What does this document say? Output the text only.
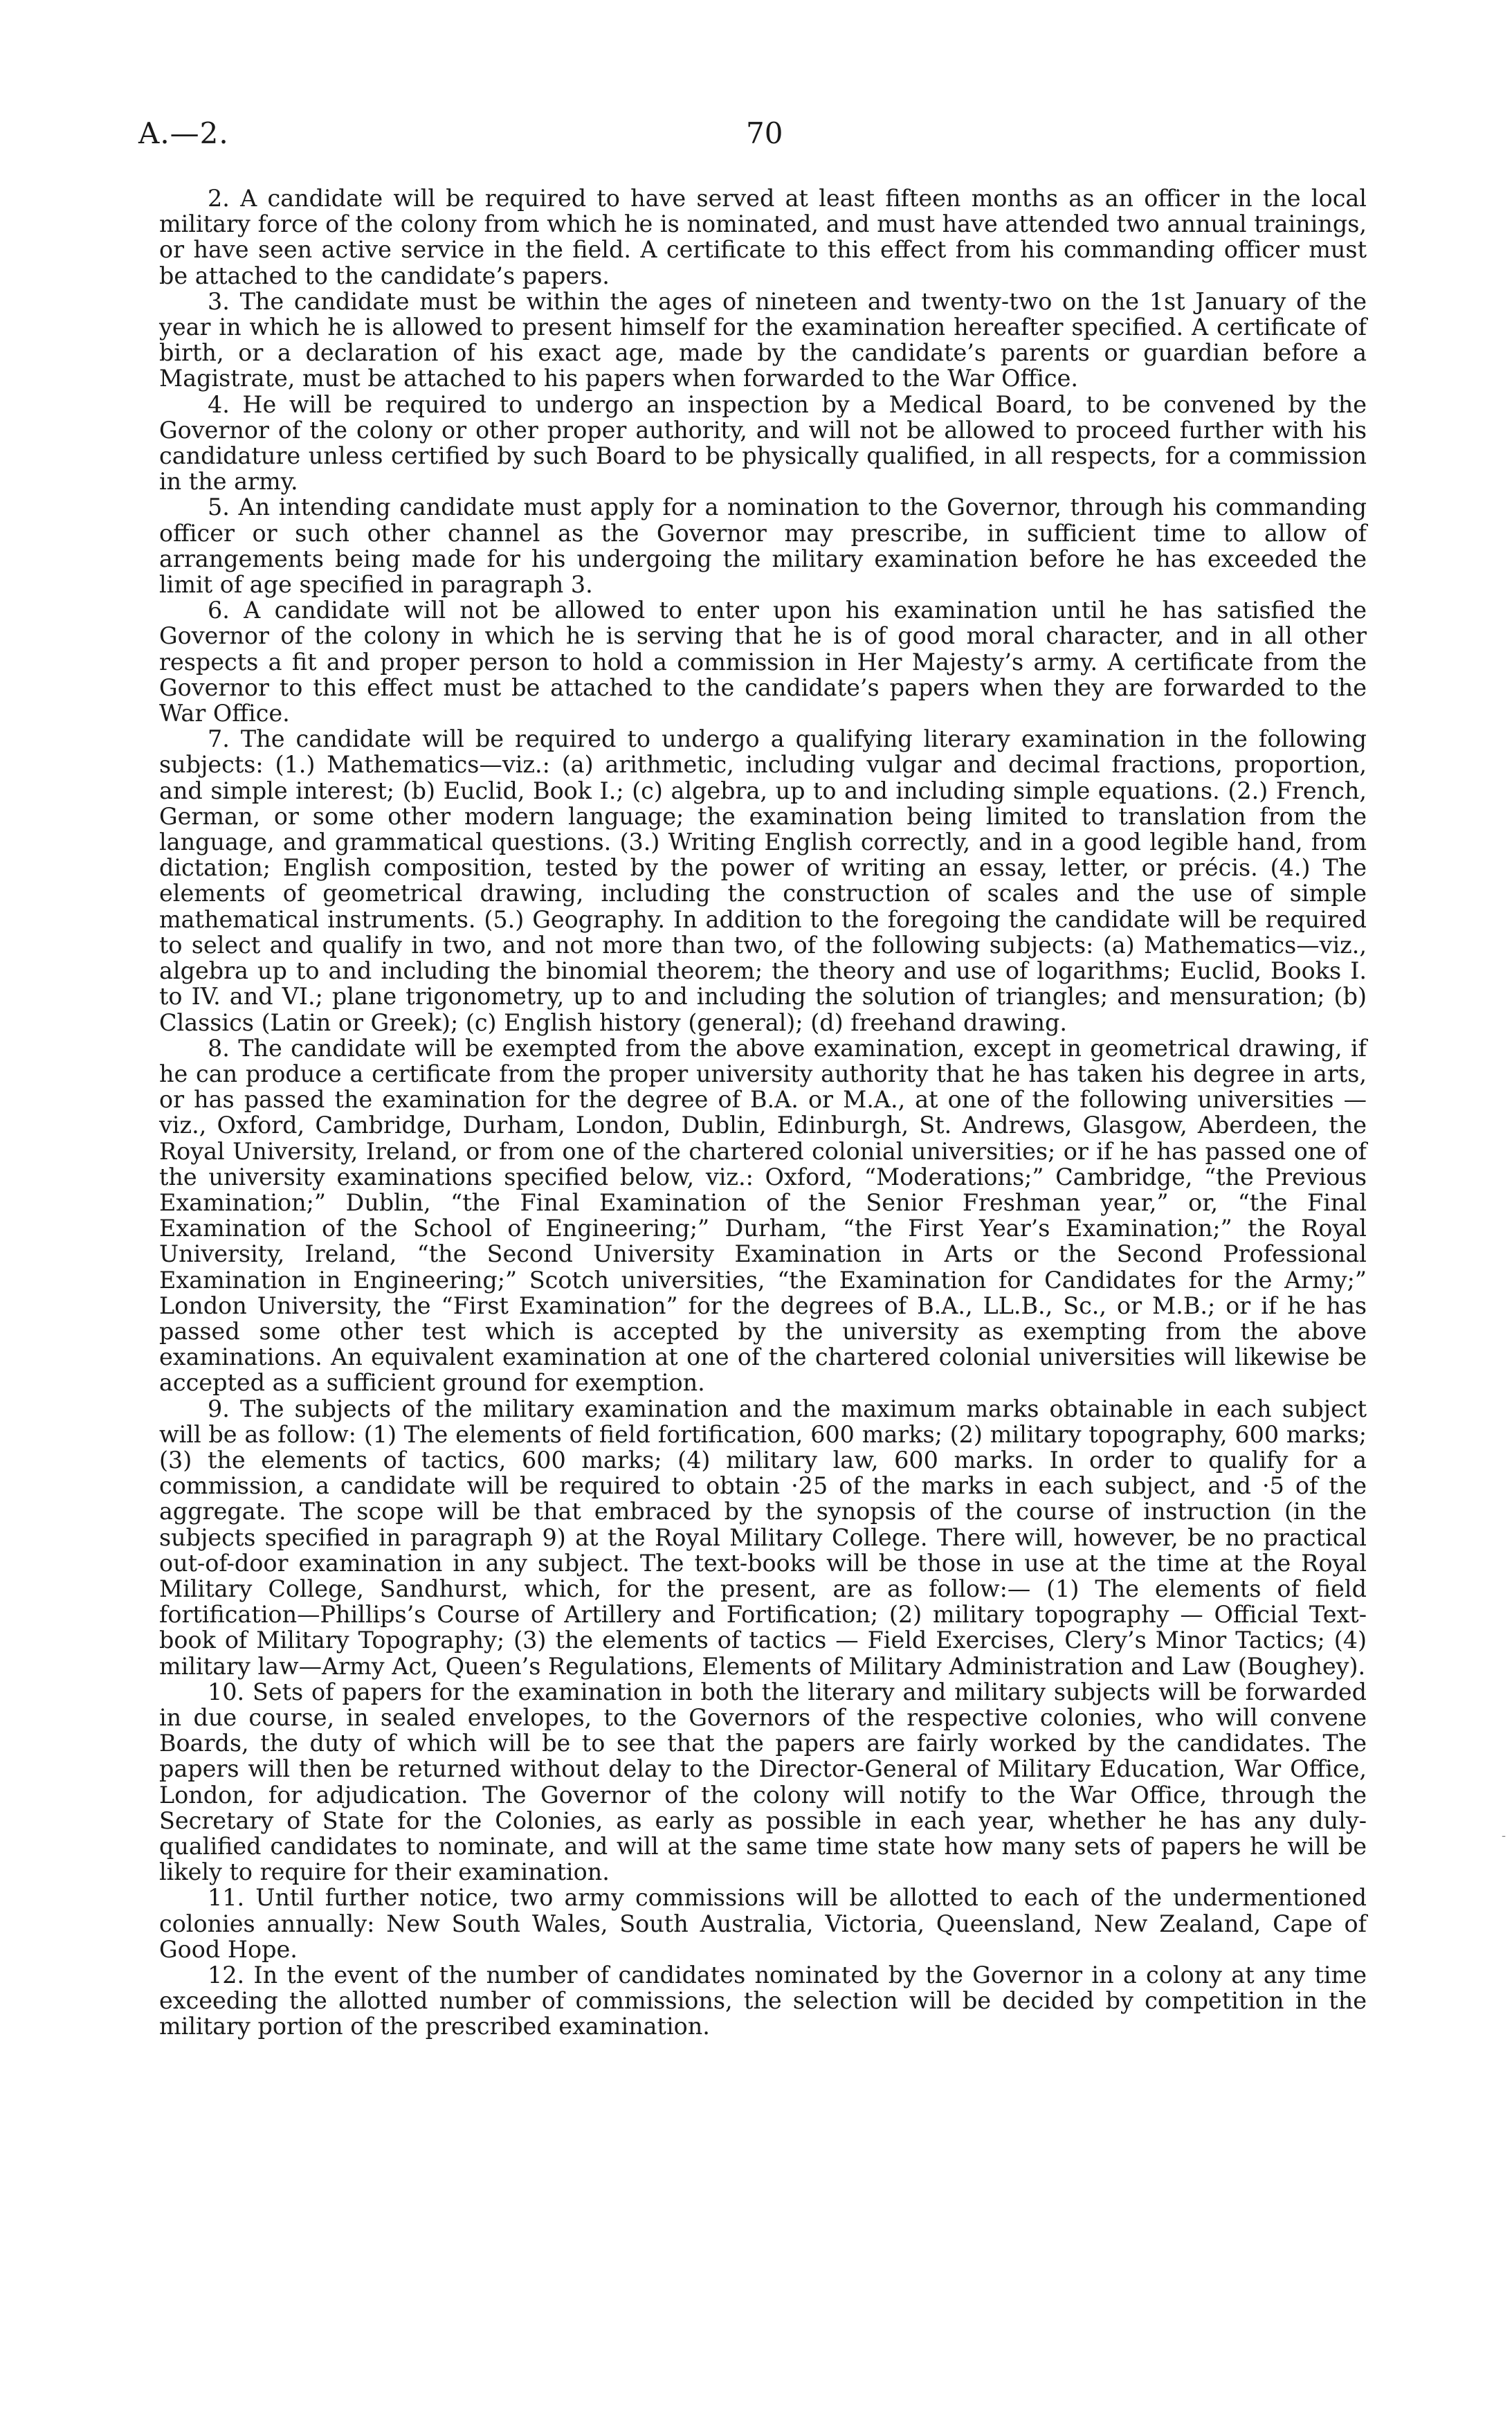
A.—2.	70

2. A candidate will be required to have served at least fifteen months as an officer in the local military force of the colony from which he is nominated, and must have attended two annual trainings, or have seen active service in the field. A certificate to this effect from his commanding officer must be attached to the candidate’s papers.

3. The candidate must be within the ages of nineteen and twenty-two on the 1st January of the year in which he is allowed to present himself for the examination hereafter specified. A certificate of birth, or a declaration of his exact age, made by the candidate’s parents or guardian before a Magistrate, must be attached to his papers when forwarded to the War Office.

4. He will be required to undergo an inspection by a Medical Board, to be convened by the Governor of the colony or other proper authority, and will not be allowed to proceed further with his candidature unless certified by such Board to be physically qualified, in all respects, for a commission in the army.

5. An intending candidate must apply for a nomination to the Governor, through his commanding officer or such other channel as the Governor may prescribe, in sufficient time to allow of arrangements being made for his undergoing the military examination before he has exceeded the limit of age specified in paragraph 3.

6. A candidate will not be allowed to enter upon his examination until he has satisfied the Governor of the colony in which he is serving that he is of good moral character, and in all other respects a fit and proper person to hold a commission in Her Majesty’s army. A certificate from the Governor to this effect must be attached to the candidate’s papers when they are forwarded to the War Office.

7. The candidate will be required to undergo a qualifying literary examination in the following subjects: (1.) Mathematics—viz.: (a) arithmetic, including vulgar and decimal fractions, proportion, and simple interest; (b) Euclid, Book I.; (c) algebra, up to and including simple equations. (2.) French, German, or some other modern language; the examination being limited to translation from the language, and grammatical questions. (3.) Writing English correctly, and in a good legible hand, from dictation; English composition, tested by the power of writing an essay, letter, or précis. (4.) The elements of geometrical drawing, including the construction of scales and the use of simple mathematical instruments. (5.) Geography. In addition to the foregoing the candidate will be required to select and qualify in two, and not more than two, of the following subjects: (a) Mathematics—viz., algebra up to and including the binomial theorem; the theory and use of logarithms; Euclid, Books I. to IV. and VI.; plane trigonometry, up to and including the solution of triangles; and mensuration; (b) Classics (Latin or Greek); (c) English history (general); (d) freehand drawing.

8. The candidate will be exempted from the above examination, except in geometrical drawing, if he can produce a certificate from the proper university authority that he has taken his degree in arts, or has passed the examination for the degree of B.A. or M.A., at one of the following universities — viz., Oxford, Cambridge, Durham, London, Dublin, Edinburgh, St. Andrews, Glasgow, Aberdeen, the Royal University, Ireland, or from one of the chartered colonial universities; or if he has passed one of the university examinations specified below, viz.: Oxford, “Moderations;” Cambridge, “the Previous Examination;” Dublin, “the Final Examination of the Senior Freshman year,” or, “the Final Examination of the School of Engineering;” Durham, “the First Year’s Examination;” the Royal University, Ireland, “the Second University Examination in Arts or the Second Professional Examination in Engineering;” Scotch universities, “the Examination for Candidates for the Army;” London University, the “First Examination” for the degrees of B.A., LL.B., Sc., or M.B.; or if he has passed some other test which is accepted by the university as exempting from the above examinations. An equivalent examination at one of the chartered colonial universities will likewise be accepted as a sufficient ground for exemption.

9. The subjects of the military examination and the maximum marks obtainable in each subject will be as follow: (1) The elements of field fortification, 600 marks; (2) military topography, 600 marks; (3) the elements of tactics, 600 marks; (4) military law, 600 marks. In order to qualify for a commission, a candidate will be required to obtain ·25 of the marks in each subject, and ·5 of the aggregate. The scope will be that embraced by the synopsis of the course of instruction (in the subjects specified in paragraph 9) at the Royal Military College. There will, however, be no practical out-of-door examination in any subject. The text-books will be those in use at the time at the Royal Military College, Sandhurst, which, for the present, are as follow:— (1) The elements of field fortification—Phillips’s Course of Artillery and Fortification; (2) military topography — Official Text-book of Military Topography; (3) the elements of tactics — Field Exercises, Clery’s Minor Tactics; (4) military law—Army Act, Queen’s Regulations, Elements of Military Administration and Law (Boughey).

10. Sets of papers for the examination in both the literary and military subjects will be forwarded in due course, in sealed envelopes, to the Governors of the respective colonies, who will convene Boards, the duty of which will be to see that the papers are fairly worked by the candidates. The papers will then be returned without delay to the Director-General of Military Education, War Office, London, for adjudication. The Governor of the colony will notify to the War Office, through the Secretary of State for the Colonies, as early as possible in each year, whether he has any duly-qualified candidates to nominate, and will at the same time state how many sets of papers he will be likely to require for their examination.

11. Until further notice, two army commissions will be allotted to each of the undermentioned colonies annually: New South Wales, South Australia, Victoria, Queensland, New Zealand, Cape of Good Hope.

12. In the event of the number of candidates nominated by the Governor in a colony at any time exceeding the allotted number of commissions, the selection will be decided by competition in the military portion of the prescribed examination.

-
